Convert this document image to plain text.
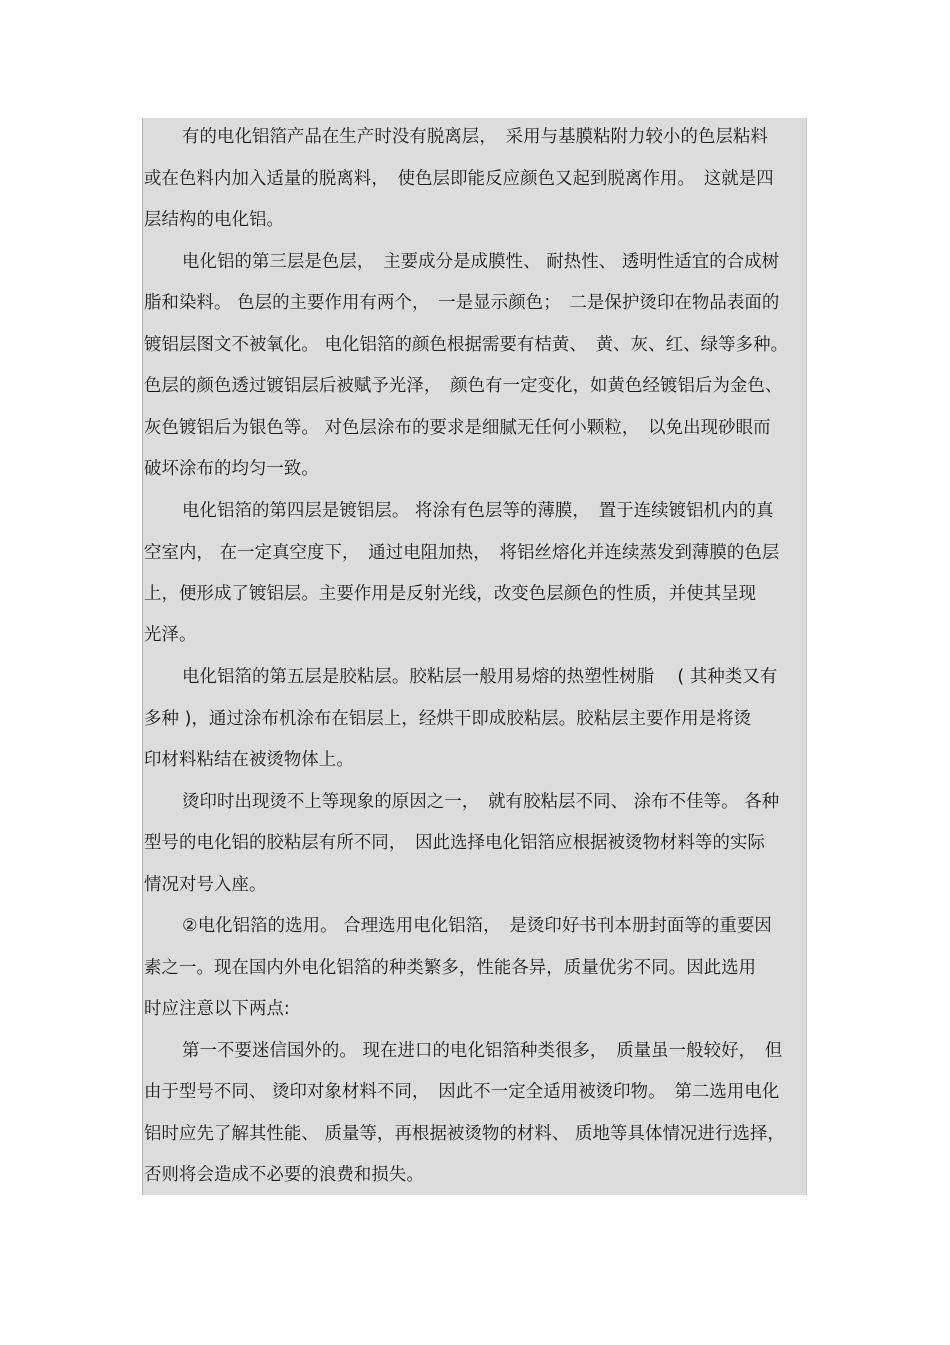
有的电化铝箔产品在生产时没有脱离层，　采用与基膜粘附力较小的色层粘料
或在色料内加入适量的脱离料，　使色层即能反应颜色又起到脱离作用。　这就是四
层结构的电化铝。
电化铝的第三层是色层，　主要成分是成膜性、 耐热性、 透明性适宜的合成树
脂和染料。 色层的主要作用有两个，　一是显示颜色；　二是保护烫印在物品表面的
镀铝层图文不被氧化。 电化铝箔的颜色根据需要有桔黄、　黄、灰、红、绿等多种。
色层的颜色透过镀铝层后被赋予光泽，　颜色有一定变化，如黄色经镀铝后为金色、
灰色镀铝后为银色等。 对色层涂布的要求是细腻无任何小颗粒，　以免出现砂眼而
破坏涂布的均匀一致。
电化铝箔的第四层是镀铝层。 将涂有色层等的薄膜，　置于连续镀铝机内的真
空室内， 在一定真空度下，　通过电阻加热，　将铝丝熔化并连续蒸发到薄膜的色层
上，便形成了镀铝层。主要作用是反射光线，改变色层颜色的性质，并使其呈现
光泽。
电化铝箔的第五层是胶粘层。胶粘层一般用易熔的热塑性树脂　 ( 其种类又有
多种 )，通过涂布机涂布在铝层上，经烘干即成胶粘层。胶粘层主要作用是将烫
印材料粘结在被烫物体上。
烫印时出现烫不上等现象的原因之一，　就有胶粘层不同、 涂布不佳等。 各种
型号的电化铝的胶粘层有所不同，　因此选择电化铝箔应根据被烫物材料等的实际
情况对号入座。
②电化铝箔的选用。 合理选用电化铝箔，　是烫印好书刊本册封面等的重要因
素之一。现在国内外电化铝箔的种类繁多，性能各异，质量优劣不同。因此选用
时应注意以下两点:
第一不要迷信国外的。 现在进口的电化铝箔种类很多，　质量虽一般较好，　但
由于型号不同、 烫印对象材料不同，　因此不一定全适用被烫印物。　第二选用电化
铝时应先了解其性能、 质量等，再根据被烫物的材料、 质地等具体情况进行选择，
否则将会造成不必要的浪费和损失。
